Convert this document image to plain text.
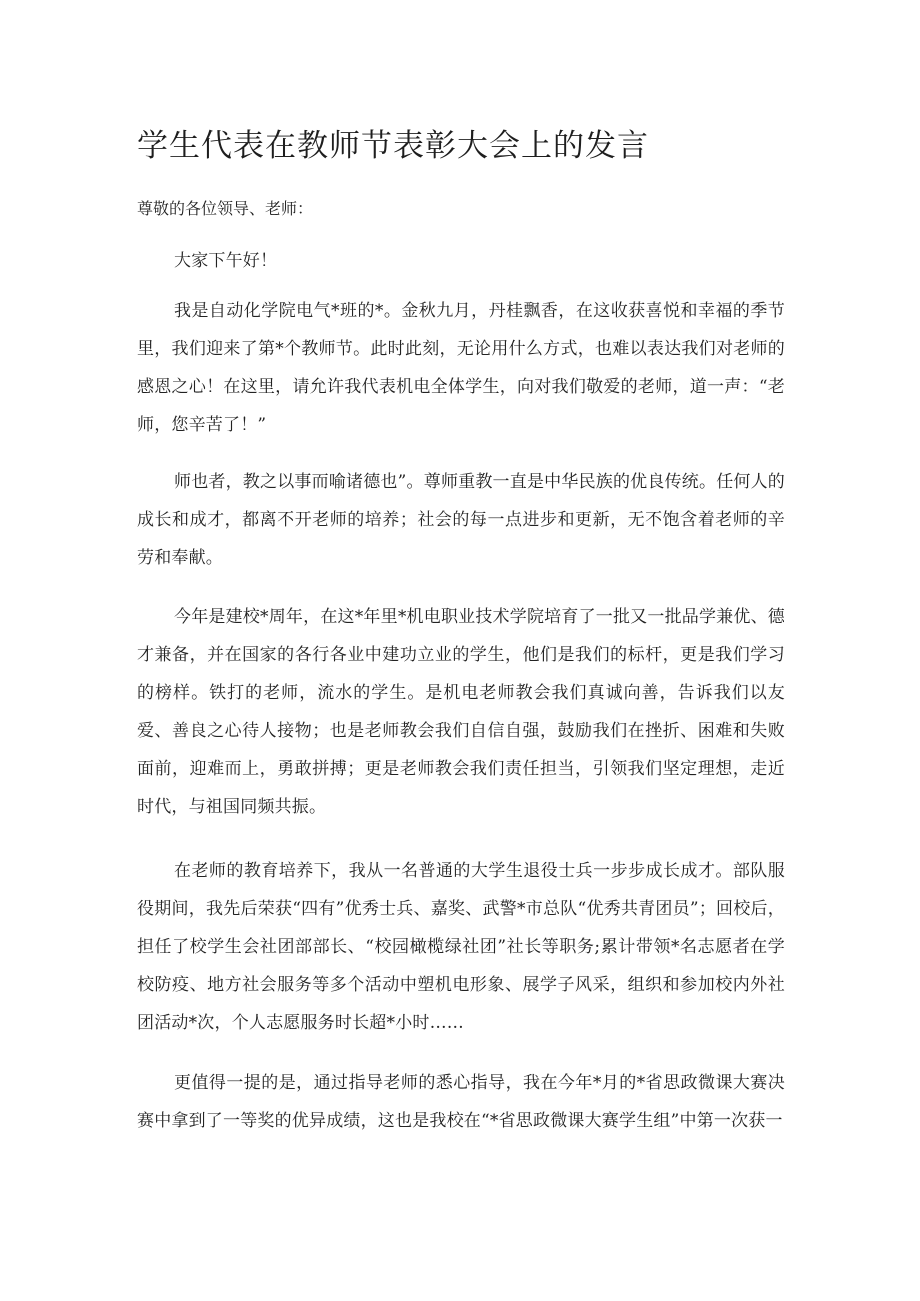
学生代表在教师节表彰大会上的发言

尊敬的各位领导、老师：

大家下午好！

我是自动化学院电气*班的*。金秋九月，丹桂飘香，在这收获喜悦和幸福的季节里，我们迎来了第*个教师节。此时此刻，无论用什么方式，也难以表达我们对老师的感恩之心！在这里，请允许我代表机电全体学生，向对我们敬爱的老师，道一声：“老师，您辛苦了！”

师也者，教之以事而喻诸德也”。尊师重教一直是中华民族的优良传统。任何人的成长和成才，都离不开老师的培养；社会的每一点进步和更新，无不饱含着老师的辛劳和奉献。

今年是建校*周年，在这*年里*机电职业技术学院培育了一批又一批品学兼优、德才兼备，并在国家的各行各业中建功立业的学生，他们是我们的标杆，更是我们学习的榜样。铁打的老师，流水的学生。是机电老师教会我们真诚向善，告诉我们以友爱、善良之心待人接物；也是老师教会我们自信自强，鼓励我们在挫折、困难和失败面前，迎难而上，勇敢拼搏；更是老师教会我们责任担当，引领我们坚定理想，走近时代，与祖国同频共振。

在老师的教育培养下，我从一名普通的大学生退役士兵一步步成长成才。部队服役期间，我先后荣获“四有”优秀士兵、嘉奖、武警*市总队“优秀共青团员”；回校后，担任了校学生会社团部部长、“校园橄榄绿社团”社长等职务;累计带领*名志愿者在学校防疫、地方社会服务等多个活动中塑机电形象、展学子风采，组织和参加校内外社团活动*次，个人志愿服务时长超*小时……

更值得一提的是，通过指导老师的悉心指导，我在今年*月的*省思政微课大赛决赛中拿到了一等奖的优异成绩，这也是我校在“*省思政微课大赛学生组”中第一次获一
